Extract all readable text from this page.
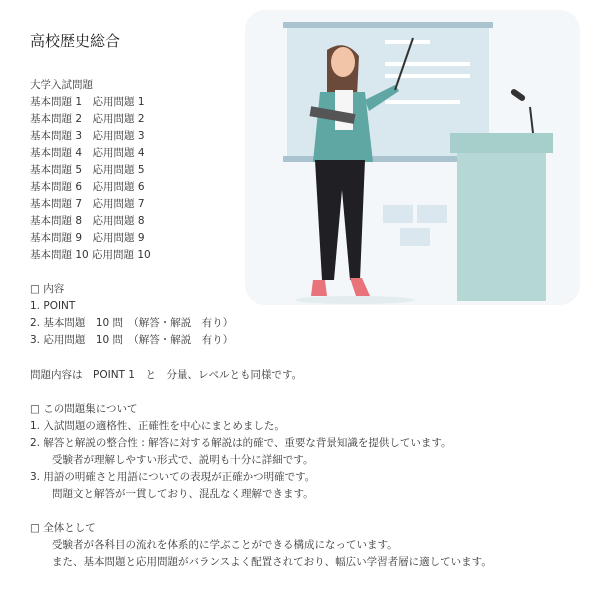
高校歴史総合
大学入試問題
基本問題 1　応用問題 1
基本問題 2　応用問題 2
基本問題 3　応用問題 3
基本問題 4　応用問題 4
基本問題 5　応用問題 5
基本問題 6　応用問題 6
基本問題 7　応用問題 7
基本問題 8　応用問題 8
基本問題 9　応用問題 9
基本問題 10 応用問題 10
□ 内容
1. POINT
2. 基本問題　10 問　（解答・解説　有り）
3. 応用問題　10 問　（解答・解説　有り）
問題内容は　POINT 1　と　分量、レベルとも同様です。
□ この問題集について
1. 入試問題の適格性、正確性を中心にまとめました。
2. 解答と解説の整合性 : 解答に対する解説は的確で、重要な背景知識を提供しています。
受験者が理解しやすい形式で、説明も十分に詳細です。
3. 用語の明確さと用語についての表現が正確かつ明確です。
問題文と解答が一貫しており、混乱なく理解できます。
□ 全体として
受験者が各科目の流れを体系的に学ぶことができる構成になっています。
また、基本問題と応用問題がバランスよく配置されており、幅広い学習者層に適しています。
